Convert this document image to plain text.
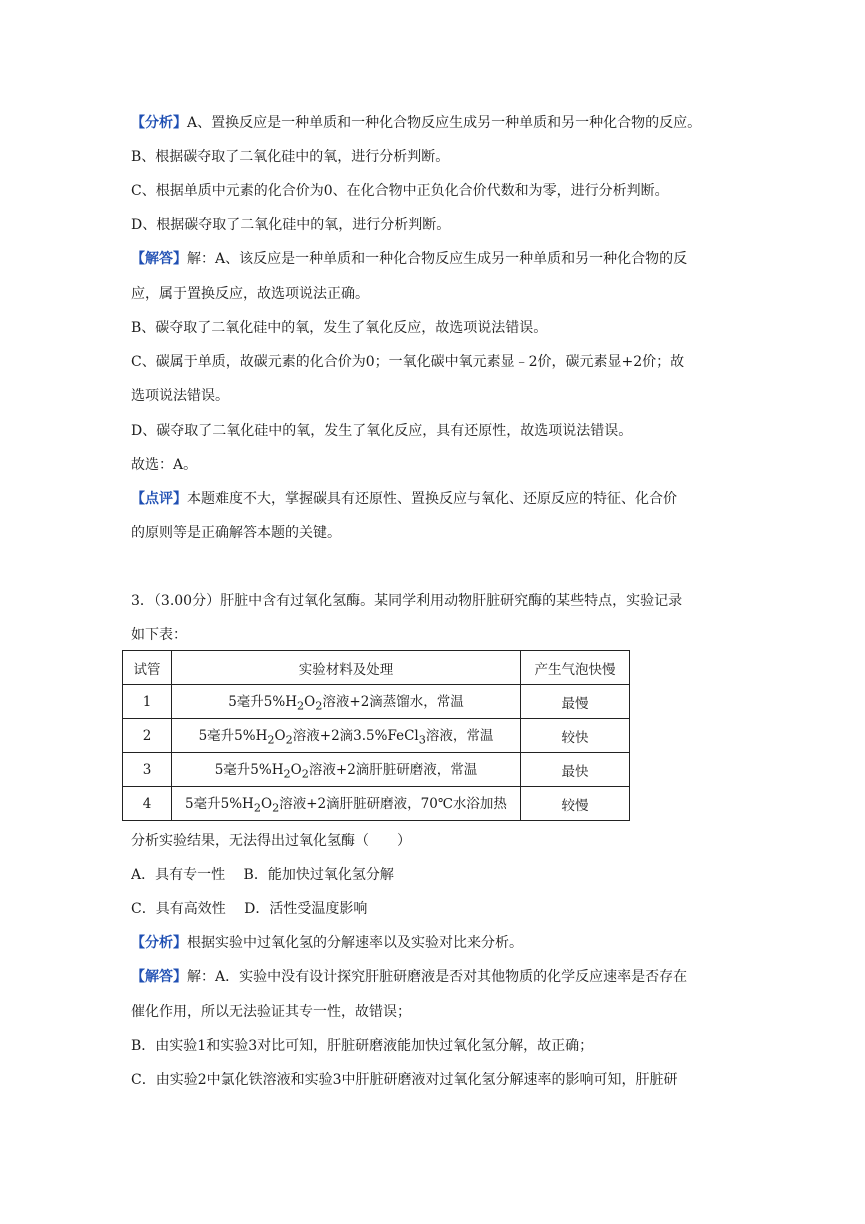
【分析】A、置换反应是一种单质和一种化合物反应生成另一种单质和另一种化合物的反应。
B、根据碳夺取了二氧化硅中的氧，进行分析判断。
C、根据单质中元素的化合价为0、在化合物中正负化合价代数和为零，进行分析判断。
D、根据碳夺取了二氧化硅中的氧，进行分析判断。
【解答】解：A、该反应是一种单质和一种化合物反应生成另一种单质和另一种化合物的反
应，属于置换反应，故选项说法正确。
B、碳夺取了二氧化硅中的氧，发生了氧化反应，故选项说法错误。
C、碳属于单质，故碳元素的化合价为0；一氧化碳中氧元素显﹣2价，碳元素显+2价；故
选项说法错误。
D、碳夺取了二氧化硅中的氧，发生了氧化反应，具有还原性，故选项说法错误。
故选：A。
【点评】本题难度不大，掌握碳具有还原性、置换反应与氧化、还原反应的特征、化合价
的原则等是正确解答本题的关键。
3．（3.00分）肝脏中含有过氧化氢酶。某同学利用动物肝脏研究酶的某些特点，实验记录
如下表：
试管	实验材料及处理	产生气泡快慢
1	5毫升$5\%H_2O_2$溶液+2滴蒸馏水，常温	最慢
2	5毫升$5\%H_2O_2$溶液+2滴3.5%FeCl$_3$溶液，常温	较快
3	5毫升$5\%H_2O_2$溶液+2滴肝脏研磨液，常温	最快
4	5毫升$5\%H_2O_2$溶液+2滴肝脏研磨液，70℃水浴加热	较慢
分析实验结果，无法得出过氧化氢酶（　　）
A．具有专一性　 B．能加快过氧化氢分解
C．具有高效性　 D．活性受温度影响
【分析】根据实验中过氧化氢的分解速率以及实验对比来分析。
【解答】解：A．实验中没有设计探究肝脏研磨液是否对其他物质的化学反应速率是否存在
催化作用，所以无法验证其专一性，故错误；
B．由实验1和实验3对比可知，肝脏研磨液能加快过氧化氢分解，故正确；
C．由实验2中氯化铁溶液和实验3中肝脏研磨液对过氧化氢分解速率的影响可知，肝脏研
